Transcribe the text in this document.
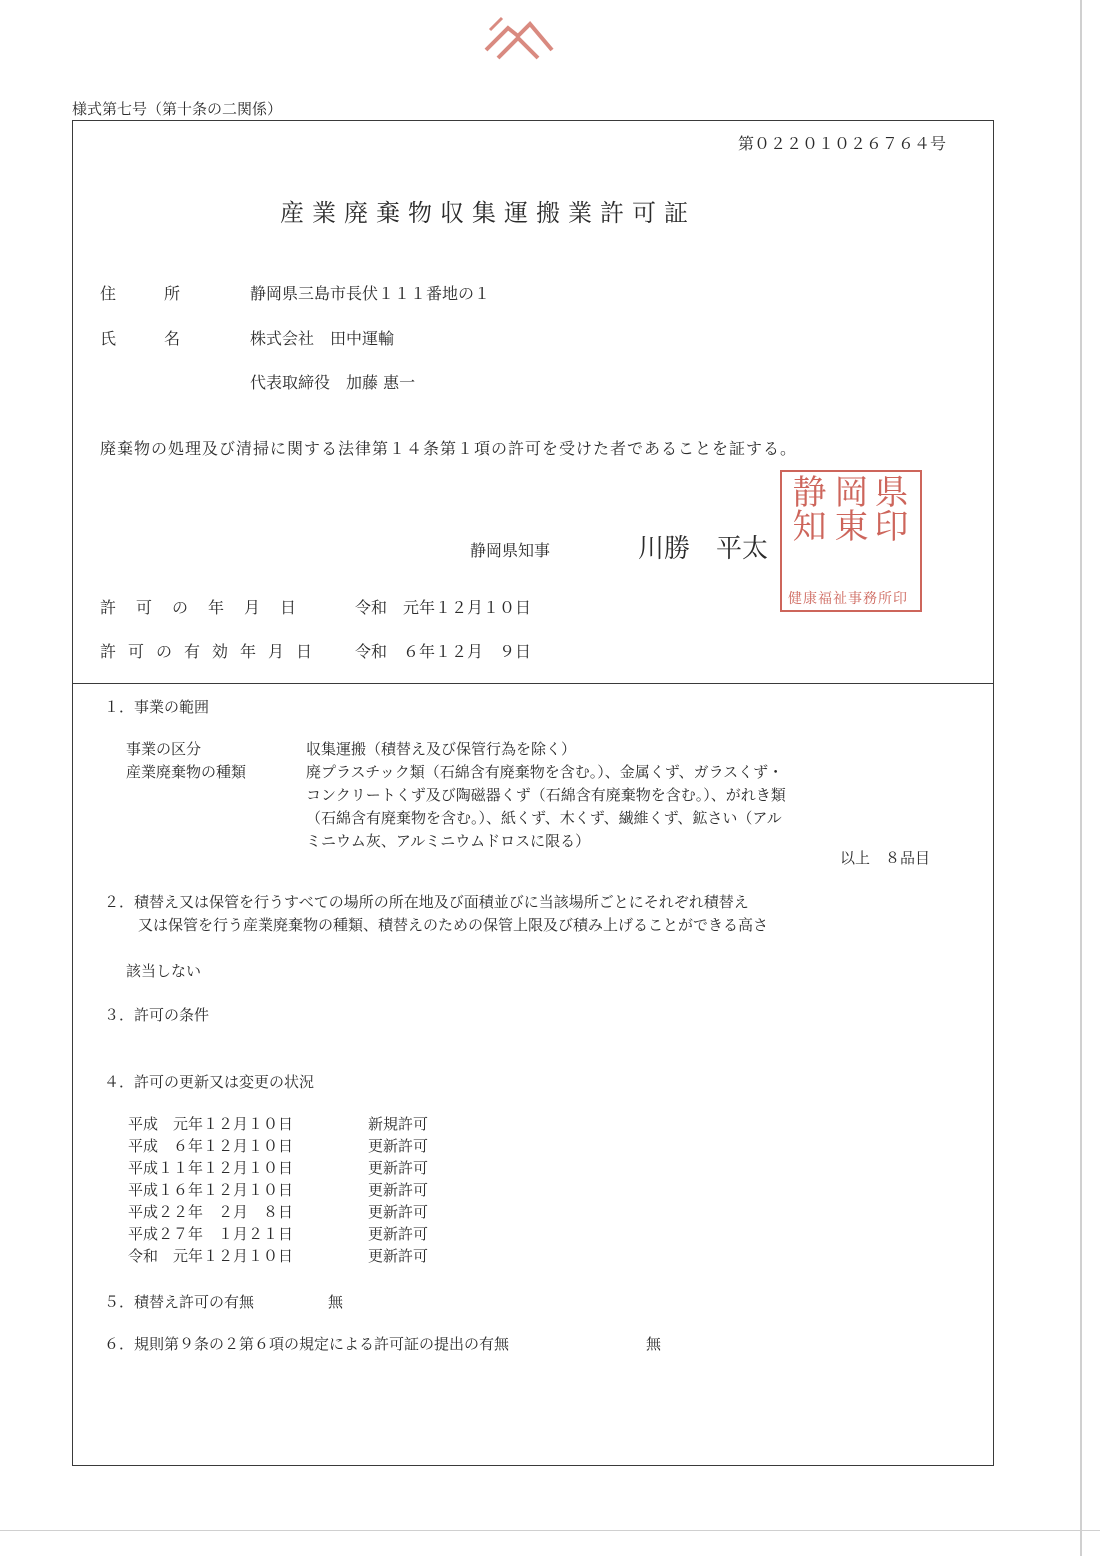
様式第七号（第十条の二関係）
第０２２０１０２６７６４号
産業廃棄物収集運搬業許可証
住　所	静岡県三島市長伏１１１番地の１
氏　名	株式会社　田中運輸
代表取締役　加藤 惠一
廃棄物の処理及び清掃に関する法律第１４条第１項の許可を受けた者であることを証する。
静岡県知事	川勝　平太
県印
岡東
静知
健康福祉事務所印
許可の年月日 令和　元年１２月１０日
許可の有効年月日 令和　６年１２月　９日
１．事業の範囲
事業の区分	収集運搬（積替え及び保管行為を除く）
産業廃棄物の種類	廃プラスチック類（石綿含有廃棄物を含む。）、金属くず、ガラスくず・
コンクリートくず及び陶磁器くず（石綿含有廃棄物を含む。）、がれき類
（石綿含有廃棄物を含む。）、紙くず、木くず、繊維くず、鉱さい（アル
ミニウム灰、アルミニウムドロスに限る）
以上　８品目
２．積替え又は保管を行うすべての場所の所在地及び面積並びに当該場所ごとにそれぞれ積替え
又は保管を行う産業廃棄物の種類、積替えのための保管上限及び積み上げることができる高さ
該当しない
３．許可の条件
４．許可の更新又は変更の状況
平成　元年１２月１０日	新規許可
平成　６年１２月１０日	更新許可
平成１１年１２月１０日	更新許可
平成１６年１２月１０日	更新許可
平成２２年　２月　８日	更新許可
平成２７年　１月２１日	更新許可
令和　元年１２月１０日	更新許可
５．積替え許可の有無	無
６．規則第９条の２第６項の規定による許可証の提出の有無	無
